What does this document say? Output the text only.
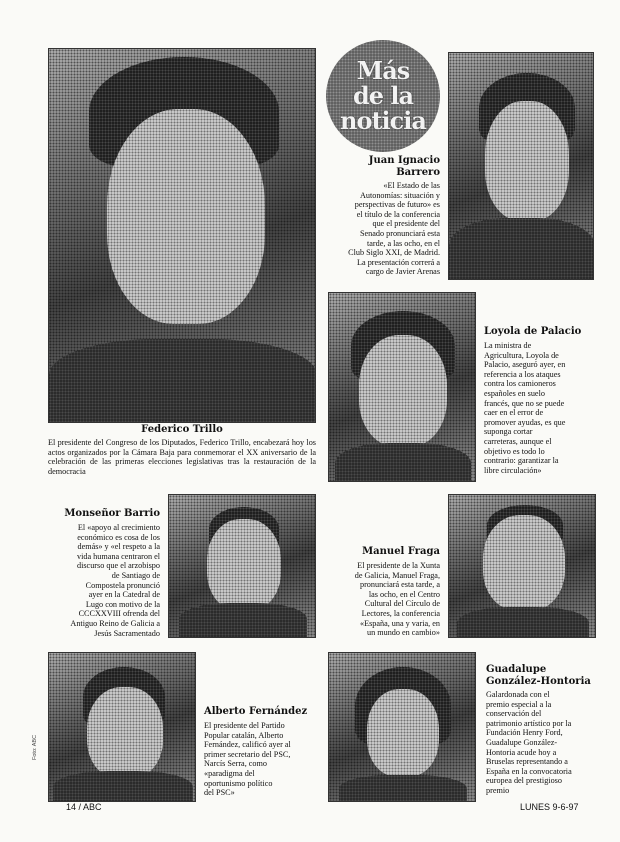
Federico Trillo
El presidente del Congreso de los Diputados, Federico Trillo, encabezará hoy los actos organizados por la Cámara Baja para conmemorar el XX aniversario de la celebración de las primeras elecciones legislativas tras la restauración de la democracia
Más
de la
noticia
Juan Ignacio
Barrero
«El Estado de las
Autonomías: situación y
perspectivas de futuro» es
el título de la conferencia
que el presidente del
Senado pronunciará esta
tarde, a las ocho, en el
Club Siglo XXI, de Madrid.
La presentación correrá a
cargo de Javier Arenas
Loyola de Palacio
La ministra de
Agricultura, Loyola de
Palacio, aseguró ayer, en
referencia a los ataques
contra los camioneros
españoles en suelo
francés, que no se puede
caer en el error de
promover ayudas, es que
suponga cortar
carreteras, aunque el
objetivo es todo lo
contrario: garantizar la
libre circulación»
Monseñor Barrio
El «apoyo al crecimiento
económico es cosa de los
demás» y «el respeto a la
vida humana centraron el
discurso que el arzobispo
de Santiago de
Compostela pronunció
ayer en la Catedral de
Lugo con motivo de la
CCCXXVIII ofrenda del
Antiguo Reino de Galicia a
Jesús Sacramentado
Manuel Fraga
El presidente de la Xunta
de Galicia, Manuel Fraga,
pronunciará esta tarde, a
las ocho, en el Centro
Cultural del Círculo de
Lectores, la conferencia
«España, una y varia, en
un mundo en cambio»
Foto: ABC
Alberto Fernández
El presidente del Partido
Popular catalán, Alberto
Fernández, calificó ayer al
primer secretario del PSC,
Narcís Serra, como
«paradigma del
oportunismo político
del PSC»
Guadalupe
González-Hontoria
Galardonada con el
premio especial a la
conservación del
patrimonio artístico por la
Fundación Henry Ford,
Guadalupe González-
Hontoria acude hoy a
Bruselas representando a
España en la convocatoria
europea del prestigioso
premio
14 / ABC	LUNES 9-6-97
